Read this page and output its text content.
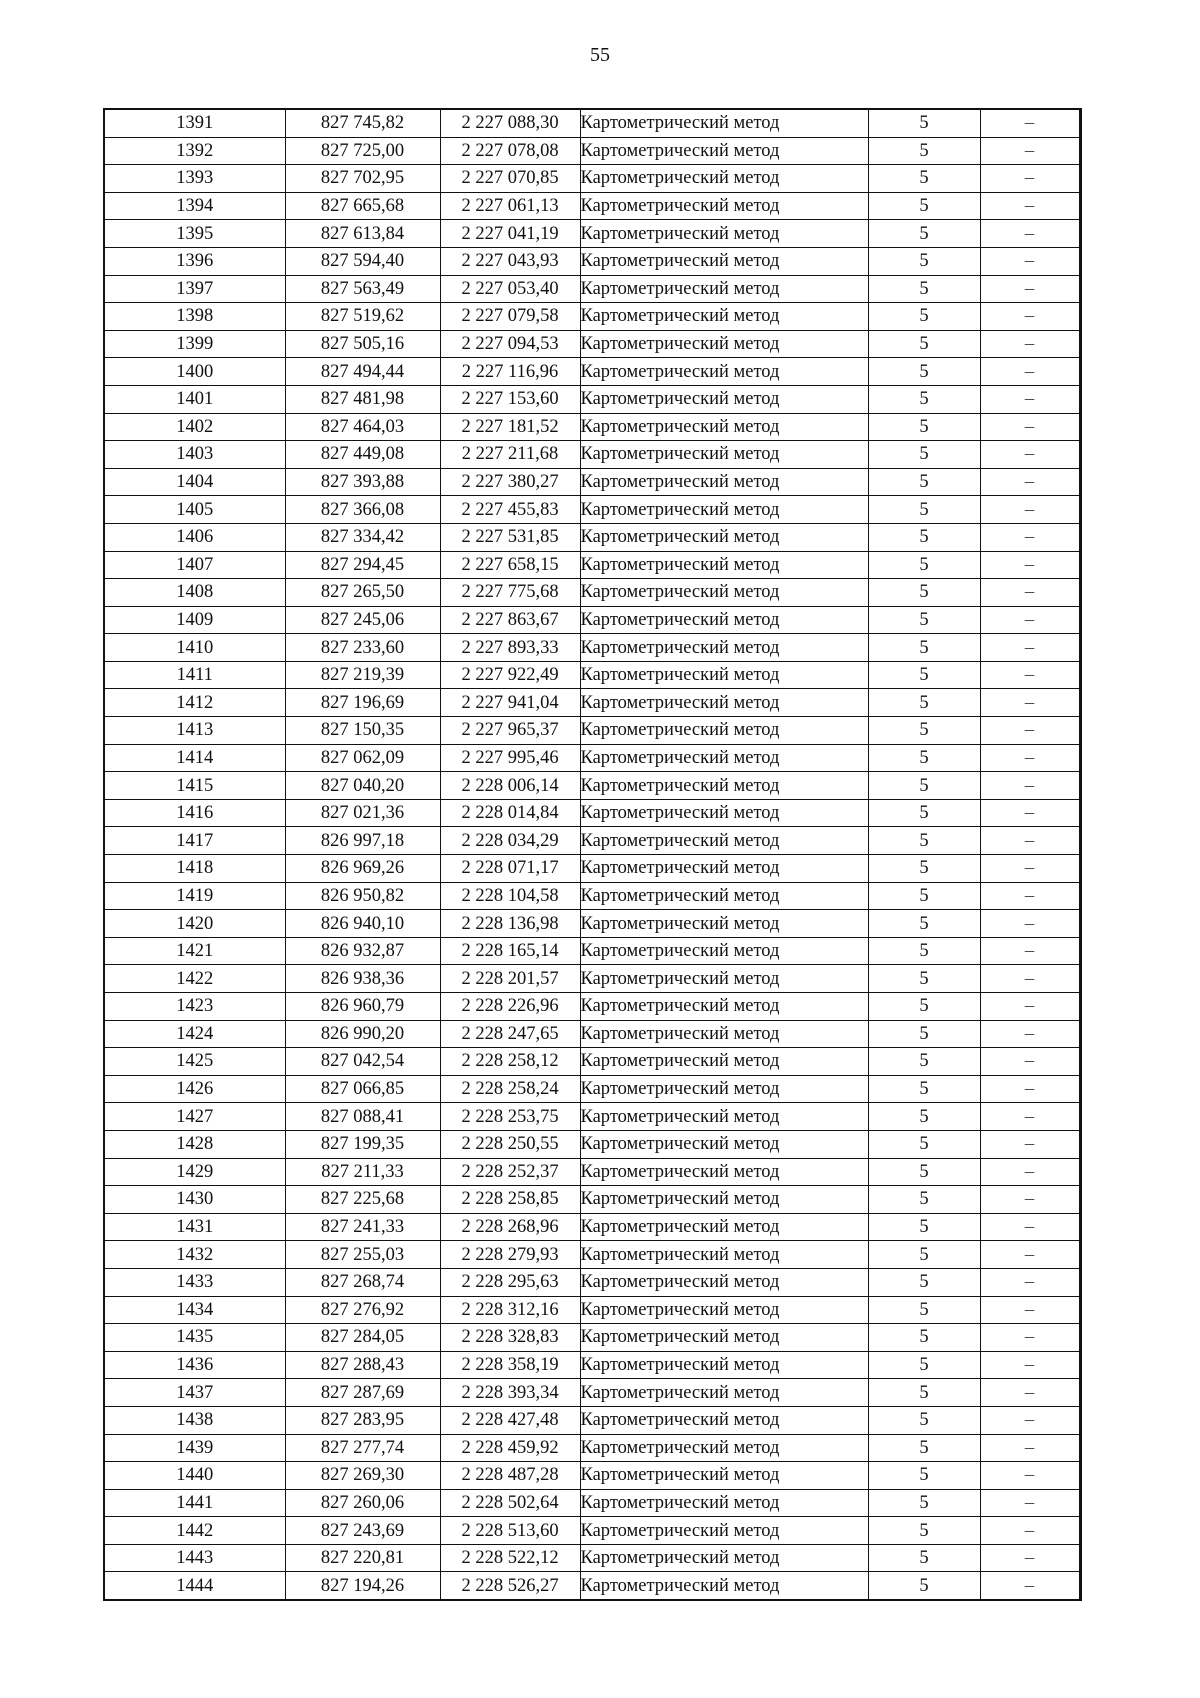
55
1391	827 745,82	2 227 088,30	Картометрический метод	5	–
1392	827 725,00	2 227 078,08	Картометрический метод	5	–
1393	827 702,95	2 227 070,85	Картометрический метод	5	–
1394	827 665,68	2 227 061,13	Картометрический метод	5	–
1395	827 613,84	2 227 041,19	Картометрический метод	5	–
1396	827 594,40	2 227 043,93	Картометрический метод	5	–
1397	827 563,49	2 227 053,40	Картометрический метод	5	–
1398	827 519,62	2 227 079,58	Картометрический метод	5	–
1399	827 505,16	2 227 094,53	Картометрический метод	5	–
1400	827 494,44	2 227 116,96	Картометрический метод	5	–
1401	827 481,98	2 227 153,60	Картометрический метод	5	–
1402	827 464,03	2 227 181,52	Картометрический метод	5	–
1403	827 449,08	2 227 211,68	Картометрический метод	5	–
1404	827 393,88	2 227 380,27	Картометрический метод	5	–
1405	827 366,08	2 227 455,83	Картометрический метод	5	–
1406	827 334,42	2 227 531,85	Картометрический метод	5	–
1407	827 294,45	2 227 658,15	Картометрический метод	5	–
1408	827 265,50	2 227 775,68	Картометрический метод	5	–
1409	827 245,06	2 227 863,67	Картометрический метод	5	–
1410	827 233,60	2 227 893,33	Картометрический метод	5	–
1411	827 219,39	2 227 922,49	Картометрический метод	5	–
1412	827 196,69	2 227 941,04	Картометрический метод	5	–
1413	827 150,35	2 227 965,37	Картометрический метод	5	–
1414	827 062,09	2 227 995,46	Картометрический метод	5	–
1415	827 040,20	2 228 006,14	Картометрический метод	5	–
1416	827 021,36	2 228 014,84	Картометрический метод	5	–
1417	826 997,18	2 228 034,29	Картометрический метод	5	–
1418	826 969,26	2 228 071,17	Картометрический метод	5	–
1419	826 950,82	2 228 104,58	Картометрический метод	5	–
1420	826 940,10	2 228 136,98	Картометрический метод	5	–
1421	826 932,87	2 228 165,14	Картометрический метод	5	–
1422	826 938,36	2 228 201,57	Картометрический метод	5	–
1423	826 960,79	2 228 226,96	Картометрический метод	5	–
1424	826 990,20	2 228 247,65	Картометрический метод	5	–
1425	827 042,54	2 228 258,12	Картометрический метод	5	–
1426	827 066,85	2 228 258,24	Картометрический метод	5	–
1427	827 088,41	2 228 253,75	Картометрический метод	5	–
1428	827 199,35	2 228 250,55	Картометрический метод	5	–
1429	827 211,33	2 228 252,37	Картометрический метод	5	–
1430	827 225,68	2 228 258,85	Картометрический метод	5	–
1431	827 241,33	2 228 268,96	Картометрический метод	5	–
1432	827 255,03	2 228 279,93	Картометрический метод	5	–
1433	827 268,74	2 228 295,63	Картометрический метод	5	–
1434	827 276,92	2 228 312,16	Картометрический метод	5	–
1435	827 284,05	2 228 328,83	Картометрический метод	5	–
1436	827 288,43	2 228 358,19	Картометрический метод	5	–
1437	827 287,69	2 228 393,34	Картометрический метод	5	–
1438	827 283,95	2 228 427,48	Картометрический метод	5	–
1439	827 277,74	2 228 459,92	Картометрический метод	5	–
1440	827 269,30	2 228 487,28	Картометрический метод	5	–
1441	827 260,06	2 228 502,64	Картометрический метод	5	–
1442	827 243,69	2 228 513,60	Картометрический метод	5	–
1443	827 220,81	2 228 522,12	Картометрический метод	5	–
1444	827 194,26	2 228 526,27	Картометрический метод	5	–
